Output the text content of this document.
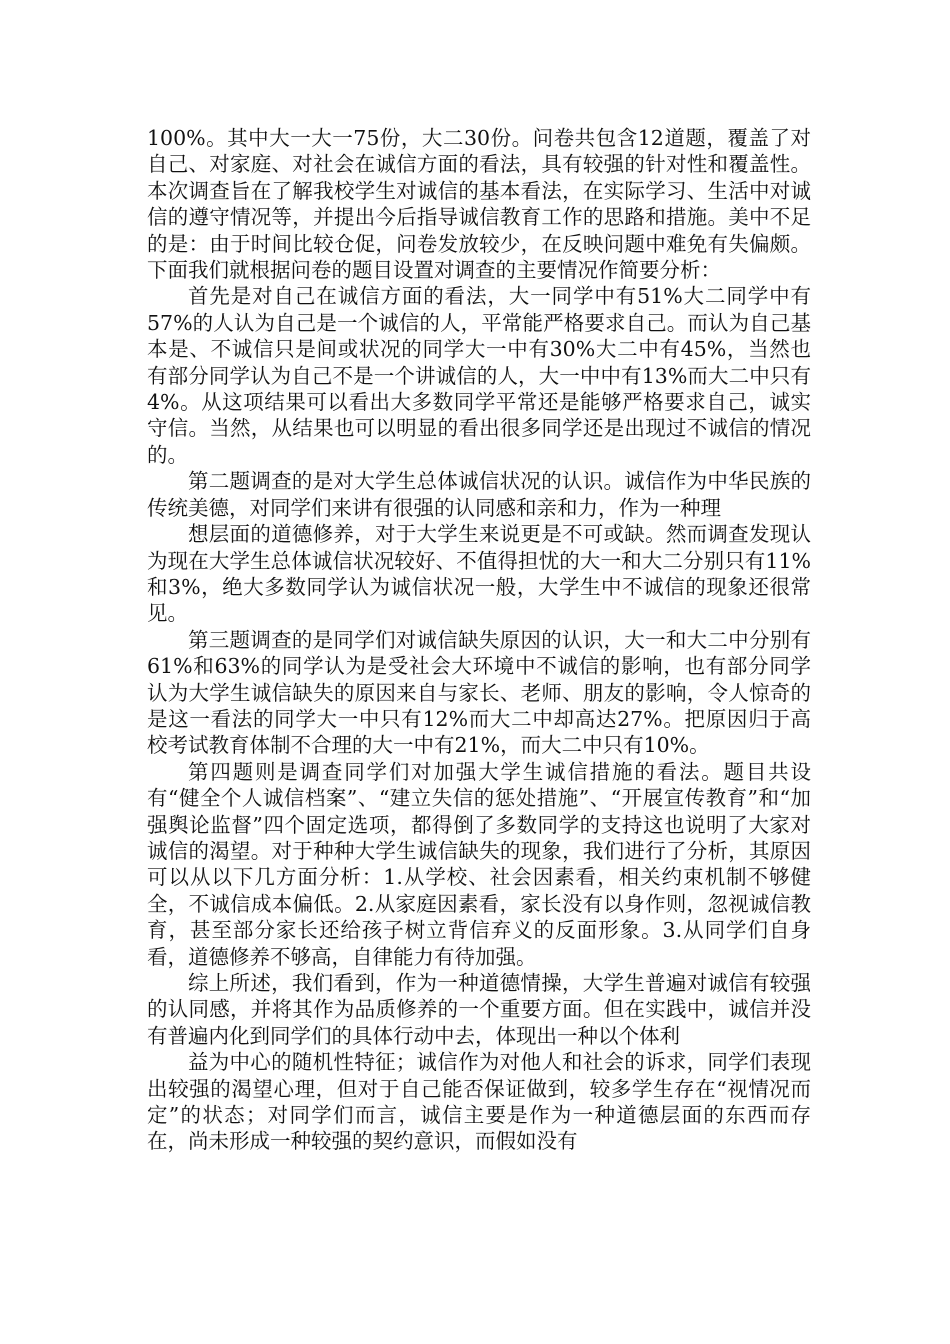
100%。其中大一大一75份，大二30份。问卷共包含12道题，覆盖了对自己、对家庭、对社会在诚信方面的看法，具有较强的针对性和覆盖性。本次调查旨在了解我校学生对诚信的基本看法，在实际学习、生活中对诚信的遵守情况等，并提出今后指导诚信教育工作的思路和措施。美中不足的是：由于时间比较仓促，问卷发放较少，在反映问题中难免有失偏颇。下面我们就根据问卷的题目设置对调查的主要情况作简要分析：

首先是对自己在诚信方面的看法，大一同学中有51%大二同学中有57%的人认为自己是一个诚信的人，平常能严格要求自己。而认为自己基本是、不诚信只是间或状况的同学大一中有30%大二中有45%，当然也有部分同学认为自己不是一个讲诚信的人，大一中中有13%而大二中只有4%。从这项结果可以看出大多数同学平常还是能够严格要求自己，诚实守信。当然，从结果也可以明显的看出很多同学还是出现过不诚信的情况的。

第二题调查的是对大学生总体诚信状况的认识。诚信作为中华民族的传统美德，对同学们来讲有很强的认同感和亲和力，作为一种理

想层面的道德修养，对于大学生来说更是不可或缺。然而调查发现认为现在大学生总体诚信状况较好、不值得担忧的大一和大二分别只有11%和3%，绝大多数同学认为诚信状况一般，大学生中不诚信的现象还很常见。

第三题调查的是同学们对诚信缺失原因的认识，大一和大二中分别有61%和63%的同学认为是受社会大环境中不诚信的影响，也有部分同学认为大学生诚信缺失的原因来自与家长、老师、朋友的影响，令人惊奇的是这一看法的同学大一中只有12%而大二中却高达27%。把原因归于高校考试教育体制不合理的大一中有21%，而大二中只有10%。

第四题则是调查同学们对加强大学生诚信措施的看法。题目共设有“健全个人诚信档案”、“建立失信的惩处措施”、“开展宣传教育”和“加强舆论监督”四个固定选项，都得倒了多数同学的支持这也说明了大家对诚信的渴望。对于种种大学生诚信缺失的现象，我们进行了分析，其原因可以从以下几方面分析：1.从学校、社会因素看，相关约束机制不够健全，不诚信成本偏低。2.从家庭因素看，家长没有以身作则，忽视诚信教育，甚至部分家长还给孩子树立背信弃义的反面形象。3.从同学们自身看，道德修养不够高，自律能力有待加强。

综上所述，我们看到，作为一种道德情操，大学生普遍对诚信有较强的认同感，并将其作为品质修养的一个重要方面。但在实践中，诚信并没有普遍内化到同学们的具体行动中去，体现出一种以个体利

益为中心的随机性特征；诚信作为对他人和社会的诉求，同学们表现出较强的渴望心理，但对于自己能否保证做到，较多学生存在“视情况而定”的状态；对同学们而言，诚信主要是作为一种道德层面的东西而存在，尚未形成一种较强的契约意识，而假如没有
